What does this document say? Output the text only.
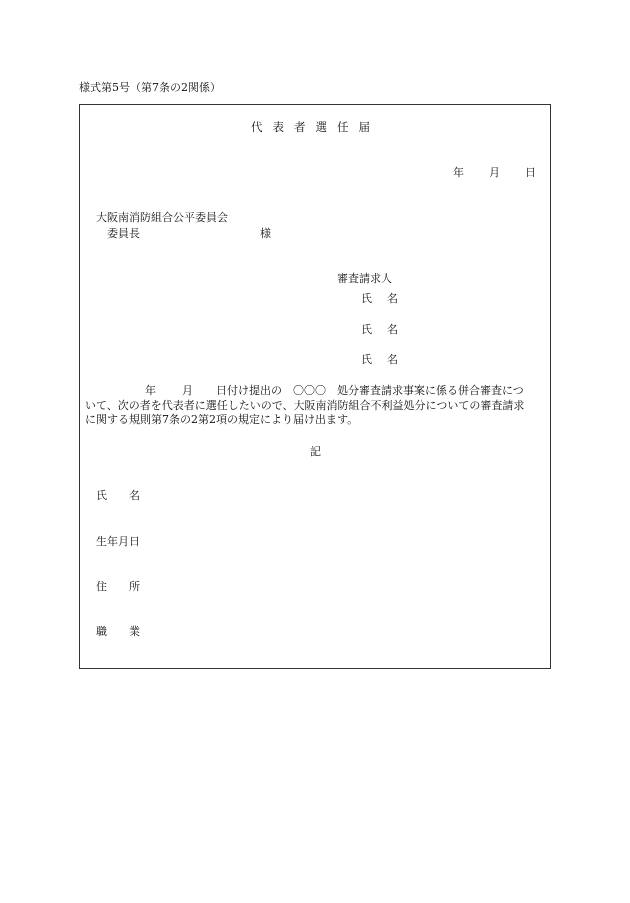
様式第5号（第7条の2関係）
代表者選任届
年 月 日
大阪南消防組合公平委員会
委員長	様
審査請求人
氏　名
氏　名
氏　名
年 月 日付け提出の　〇〇〇　処分審査請求事案に係る併合審査につ
いて、次の者を代表者に選任したいので、大阪南消防組合不利益処分についての審査請求
に関する規則第7条の2第2項の規定により届け出ます。
記
氏　　名
生年月日
住　　所
職　　業
